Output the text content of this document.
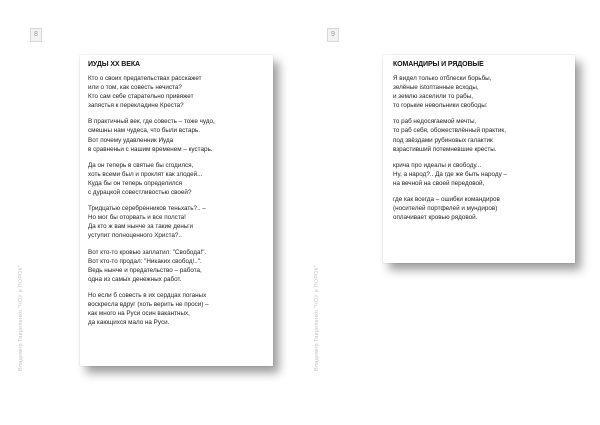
8
Владимир Гавриленко "ЧОУ и ПОРОК"
ИУДЫ XX ВЕКА
Кто о своих предательствах расскажет
или о том, как совесть нечиста?
Кто сам себе старательно привяжет
запястья к перекладине Креста?
В практичный век, где совесть – тоже чудо,
смешны нам чудеса, что были встарь.
Вот почему удавленник Иуда
в сравненьи с нашим временем – кустарь.
Да он теперь в святые бы сгодился,
хоть всеми был и проклят как злодей...
Куда бы он теперь определился
с дурацкой совестливостью своей?
Тридцатью серебренников теньхать?.. –
Но мог бы оторвать и все полста!
Да кто ж вам нынче за такие деньги
уступит полноценного Христа?..
Вот кто-то кровью заплатил: "Свобода!".
Вот кто-то продал: "Никаких свобод!..".
Ведь нынче и предательство – работа,
одна из самых денежных работ.
Но если б совесть в их сердцах поганых
воскресла вдруг (хоть верить не проси) –
как много на Руси осин вакантных,
да кающихся мало на Руси.
9
Владимир Гавриленко "ЧОУ и ПОРОК"
КОМАНДИРЫ И РЯДОВЫЕ
Я видел только отблески борьбы,
зелёные istоптанные всходы,
и землю заселили то рабы,
то горькие невольники свободы:
то раб недосягаемой мечты,
то раб себя, обожествлённый практик,
под звёздами рубиновых галактик
взрастивший потемневшие кресты.
крича про идеалы и свободу...
Ну, а народ?.. Да где же быть народу –
на вечной на своей передовой,
где как всегда – ошибки командиров
(носителей портфелей и мундиров)
оплачивает кровью рядовой.
